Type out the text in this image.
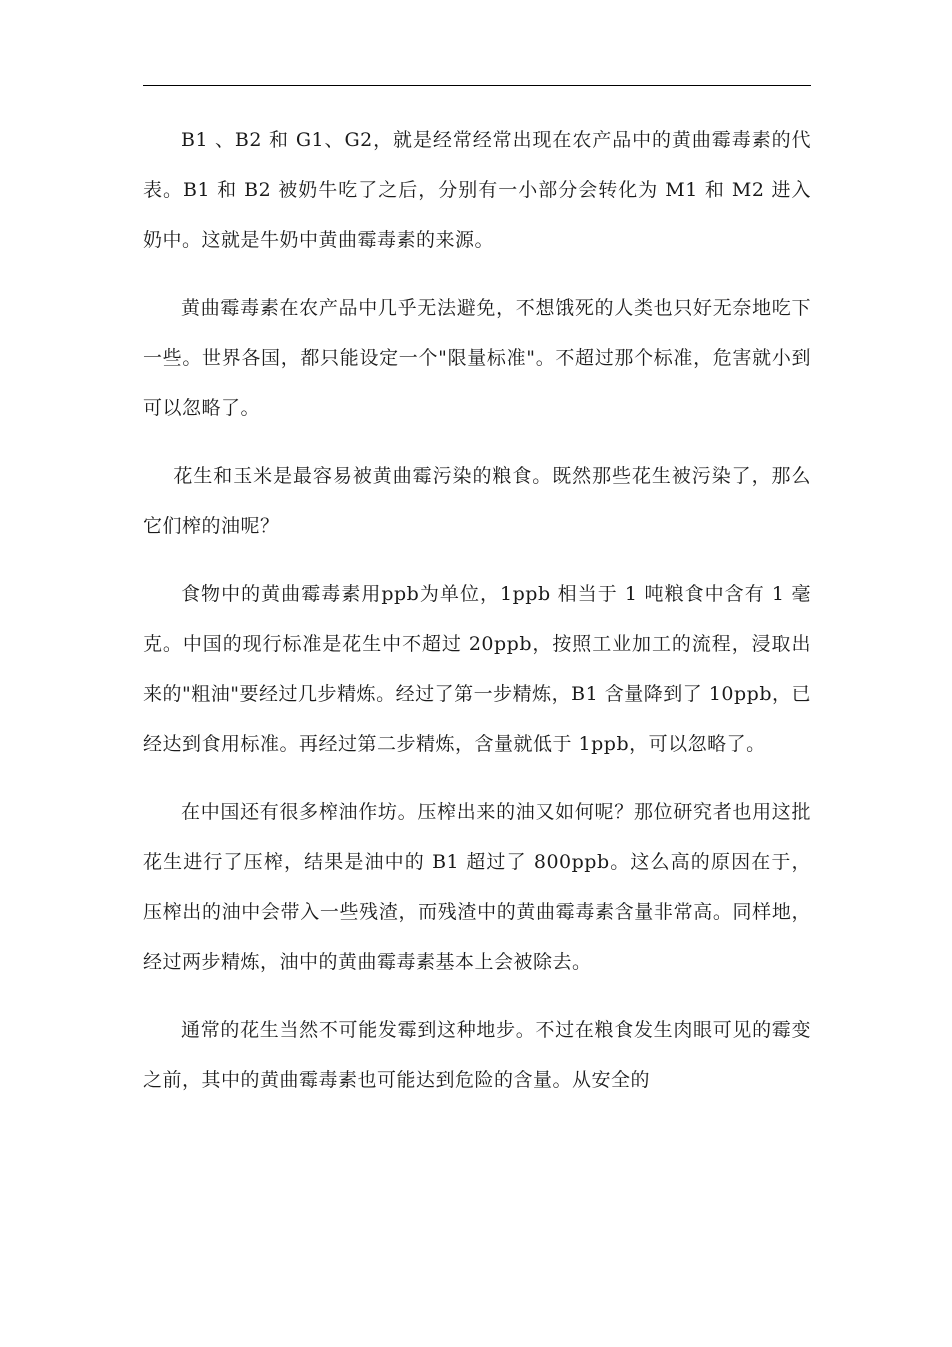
B1 、B2 和 G1、G2，就是经常经常出现在农产品中的黄曲霉毒素的代表。B1 和 B2 被奶牛吃了之后，分别有一小部分会转化为 M1 和 M2 进入奶中。这就是牛奶中黄曲霉毒素的来源。

黄曲霉毒素在农产品中几乎无法避免，不想饿死的人类也只好无奈地吃下一些。世界各国，都只能设定一个"限量标准"。不超过那个标准，危害就小到可以忽略了。

花生和玉米是最容易被黄曲霉污染的粮食。既然那些花生被污染了，那么它们榨的油呢？

食物中的黄曲霉毒素用ppb为单位，1ppb 相当于 1 吨粮食中含有 1 毫克。中国的现行标准是花生中不超过 20ppb，按照工业加工的流程，浸取出来的"粗油"要经过几步精炼。经过了第一步精炼，B1 含量降到了 10ppb，已经达到食用标准。再经过第二步精炼，含量就低于 1ppb，可以忽略了。

在中国还有很多榨油作坊。压榨出来的油又如何呢？那位研究者也用这批花生进行了压榨，结果是油中的 B1 超过了 800ppb。这么高的原因在于，压榨出的油中会带入一些残渣，而残渣中的黄曲霉毒素含量非常高。同样地，经过两步精炼，油中的黄曲霉毒素基本上会被除去。

通常的花生当然不可能发霉到这种地步。不过在粮食发生肉眼可见的霉变之前，其中的黄曲霉毒素也可能达到危险的含量。从安全的
